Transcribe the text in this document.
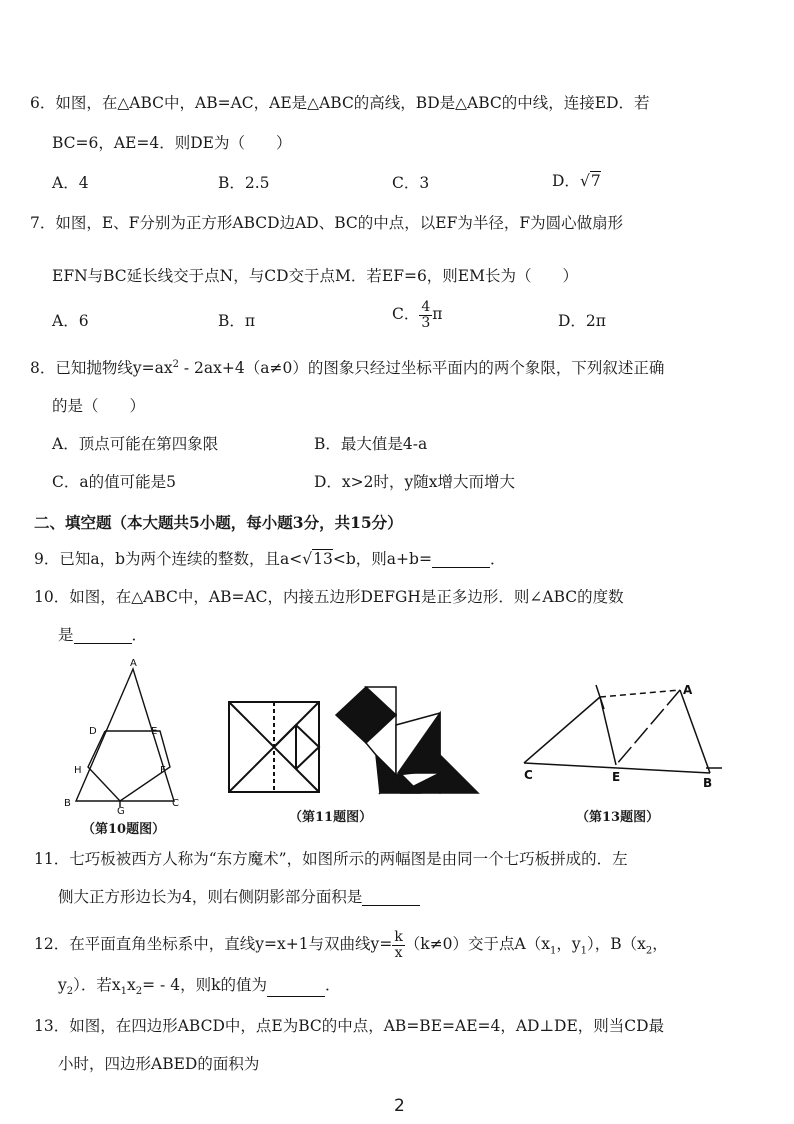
6．如图，在△ABC中，AB=AC，AE是△ABC的高线，BD是△ABC的中线，连接ED．若
BC=6，AE=4．则DE为（　　）
A．4	B．2.5	C．3	D．√7
7．如图，E、F分别为正方形ABCD边AD、BC的中点，以EF为半径，F为圆心做扇形
EFN与BC延长线交于点N，与CD交于点M．若EF=6，则EM长为（　　）
A．6	B．π	C． $\frac{4}{3}$ π	D．2π
8．已知抛物线$y=ax^2 - 2ax+4(a\ne 0)$的图象只经过坐标平面内的两个象限，下列叙述正确
的是（　　）
A．顶点可能在第四象限	B．最大值是4-a
C．a的值可能是5	D．x>2时，y随x增大而增大
二、填空题（本大题共5小题，每小题3分，共15分）
9．已知a，b为两个连续的整数，且a<√13<b，则a+b=	．
10．如图，在△ABC中，AB=AC，内接五边形DEFGH是正多边形．则∠ABC的度数
是	．
A
D	E
H	F
B
G
C
A
C	E	B
（第10题图）
（第11题图）	（第13题图）
11．七巧板被西方人称为“东方魔术”，如图所示的两幅图是由同一个七巧板拼成的．左
侧大正方形边长为4，则右侧阴影部分面积是
12．在平面直角坐标系中，直线y=x+1与双曲线$y= \frac{k}{x} (k\ne 0)$交于点$A(x_1$，$y_1$），$B(x_2$，
$y_2$）．若$x_1x_2= - 4$，则k的值为	．
13．如图，在四边形ABCD中，点E为BC的中点，AB=BE=AE=4，AD⊥DE，则当CD最
小时，四边形ABED的面积为
2
